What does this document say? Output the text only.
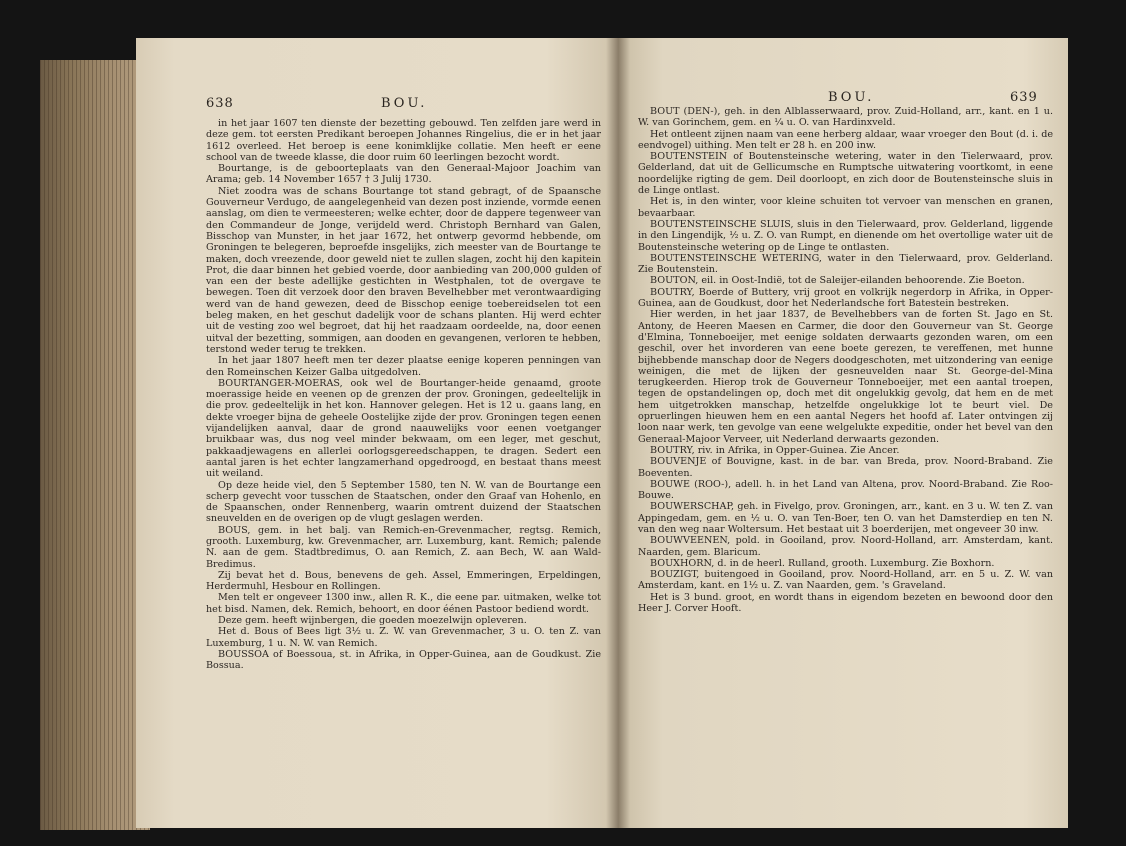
638	BOU.

in het jaar 1607 ten dienste der bezetting gebouwd. Ten zelfden jare werd in deze gem. tot eersten Predikant beroepen Johannes Ringelius, die er in het jaar 1612 overleed. Het beroep is eene konimklijke collatie. Men heeft er eene school van de tweede klasse, die door ruim 60 leerlingen bezocht wordt.

Bourtange, is de geboorteplaats van den Generaal-Majoor Joachim van Arama; geb. 14 November 1657 † 3 Julij 1730.

Niet zoodra was de schans Bourtange tot stand gebragt, of de Spaansche Gouverneur Verdugo, de aangelegenheid van dezen post inziende, vormde eenen aanslag, om dien te vermeesteren; welke echter, door de dappere tegenweer van den Commandeur de Jonge, verijdeld werd. Christoph Bernhard van Galen, Bisschop van Munster, in het jaar 1672, het ontwerp gevormd hebbende, om Groningen te belegeren, beproefde insgelijks, zich meester van de Bourtange te maken, doch vreezende, door geweld niet te zullen slagen, zocht hij den kapitein Prot, die daar binnen het gebied voerde, door aanbieding van 200,000 gulden of van een der beste adellijke gestichten in Westphalen, tot de overgave te bewegen. Toen dit verzoek door den braven Bevelhebber met verontwaardiging werd van de hand gewezen, deed de Bisschop eenige toebereidselen tot een beleg maken, en het geschut dadelijk voor de schans planten. Hij werd echter uit de vesting zoo wel begroet, dat hij het raadzaam oordeelde, na, door eenen uitval der bezetting, sommigen, aan dooden en gevangenen, verloren te hebben, terstond weder terug te trekken.

In het jaar 1807 heeft men ter dezer plaatse eenige koperen penningen van den Romeinschen Keizer Galba uitgedolven.

BOURTANGER-MOERAS, ook wel de Bourtanger-heide genaamd, groote moerassige heide en veenen op de grenzen der prov. Groningen, gedeeltelijk in die prov. gedeeltelijk in het kon. Hannover gelegen. Het is 12 u. gaans lang, en dekte vroeger bijna de geheele Oostelijke zijde der prov. Groningen tegen eenen vijandelijken aanval, daar de grond naauwelijks voor eenen voetganger bruikbaar was, dus nog veel minder bekwaam, om een leger, met geschut, pakkaadjewagens en allerlei oorlogsgereedschappen, te dragen. Sedert een aantal jaren is het echter langzamerhand opgedroogd, en bestaat thans meest uit weiland.

Op deze heide viel, den 5 September 1580, ten N. W. van de Bourtange een scherp gevecht voor tusschen de Staatschen, onder den Graaf van Hohenlo, en de Spaanschen, onder Rennenberg, waarin omtrent duizend der Staatschen sneuvelden en de overigen op de vlugt geslagen werden.

BOUS, gem. in het balj. van Remich-en-Grevenmacher, regtsg. Remich, grooth. Luxemburg, kw. Grevenmacher, arr. Luxemburg, kant. Remich; palende N. aan de gem. Stadtbredimus, O. aan Remich, Z. aan Bech, W. aan Wald-Bredimus.

Zij bevat het d. Bous, benevens de geh. Assel, Emmeringen, Erpeldingen, Herdermuhl, Hesbour en Rollingen.

Men telt er ongeveer 1300 inw., allen R. K., die eene par. uitmaken, welke tot het bisd. Namen, dek. Remich, behoort, en door éénen Pastoor bediend wordt.

Deze gem. heeft wijnbergen, die goeden moezelwijn opleveren.

Het d. Bous of Bees ligt 3½ u. Z. W. van Grevenmacher, 3 u. O. ten Z. van Luxemburg, 1 u. N. W. van Remich.

BOUSSOA of Boessoua, st. in Afrika, in Opper-Guinea, aan de Goudkust. Zie Bossua.

BOU.	639

BOUT (DEN-), geh. in den Alblasserwaard, prov. Zuid-Holland, arr., kant. en 1 u. W. van Gorinchem, gem. en ¼ u. O. van Hardinxveld.

Het ontleent zijnen naam van eene herberg aldaar, waar vroeger den Bout (d. i. de eendvogel) uithing. Men telt er 28 h. en 200 inw.

BOUTENSTEIN of Boutensteinsche wetering, water in den Tielerwaard, prov. Gelderland, dat uit de Gellicumsche en Rumptsche uitwatering voortkomt, in eene noordelijke rigting de gem. Deil doorloopt, en zich door de Boutensteinsche sluis in de Linge ontlast.

Het is, in den winter, voor kleine schuiten tot vervoer van menschen en granen, bevaarbaar.

BOUTENSTEINSCHE SLUIS, sluis in den Tielerwaard, prov. Gelderland, liggende in den Lingendijk, ½ u. Z. O. van Rumpt, en dienende om het overtollige water uit de Boutensteinsche wetering op de Linge te ontlasten.

BOUTENSTEINSCHE WETERING, water in den Tielerwaard, prov. Gelderland. Zie Boutenstein.

BOUTON, eil. in Oost-Indië, tot de Saleijer-eilanden behoorende. Zie Boeton.

BOUTRY, Boerde of Buttery, vrij groot en volkrijk negerdorp in Afrika, in Opper-Guinea, aan de Goudkust, door het Nederlandsche fort Batestein bestreken.

Hier werden, in het jaar 1837, de Bevelhebbers van de forten St. Jago en St. Antony, de Heeren Maesen en Carmer, die door den Gouverneur van St. George d'Elmina, Tonneboeijer, met eenige soldaten derwaarts gezonden waren, om een geschil, over het invorderen van eene boete gerezen, te vereffenen, met hunne bijhebbende manschap door de Negers doodgeschoten, met uitzondering van eenige weinigen, die met de lijken der gesneuvelden naar St. George-del-Mina terugkeerden. Hierop trok de Gouverneur Tonneboeijer, met een aantal troepen, tegen de opstandelingen op, doch met dit ongelukkig gevolg, dat hem en de met hem uitgetrokken manschap, hetzelfde ongelukkige lot te beurt viel. De opruerlingen hieuwen hem en een aantal Negers het hoofd af. Later ontvingen zij loon naar werk, ten gevolge van eene welgelukte expeditie, onder het bevel van den Generaal-Majoor Verveer, uit Nederland derwaarts gezonden.

BOUTRY, riv. in Afrika, in Opper-Guinea. Zie Ancer.

BOUVENJE of Bouvigne, kast. in de bar. van Breda, prov. Noord-Braband. Zie Boeventen.

BOUWE (ROO-), adell. h. in het Land van Altena, prov. Noord-Braband. Zie Roo-Bouwe.

BOUWERSCHAP, geh. in Fivelgo, prov. Groningen, arr., kant. en 3 u. W. ten Z. van Appingedam, gem. en ½ u. O. van Ten-Boer, ten O. van het Damsterdiep en ten N. van den weg naar Woltersum. Het bestaat uit 3 boerderijen, met ongeveer 30 inw.

BOUWVEENEN, pold. in Gooiland, prov. Noord-Holland, arr. Amsterdam, kant. Naarden, gem. Blaricum.

BOUXHORN, d. in de heerl. Rulland, grooth. Luxemburg. Zie Boxhorn.

BOUZIGT, buitengoed in Gooiland, prov. Noord-Holland, arr. en 5 u. Z. W. van Amsterdam, kant. en 1½ u. Z. van Naarden, gem. 's Graveland.

Het is 3 bund. groot, en wordt thans in eigendom bezeten en bewoond door den Heer J. Corver Hooft.
